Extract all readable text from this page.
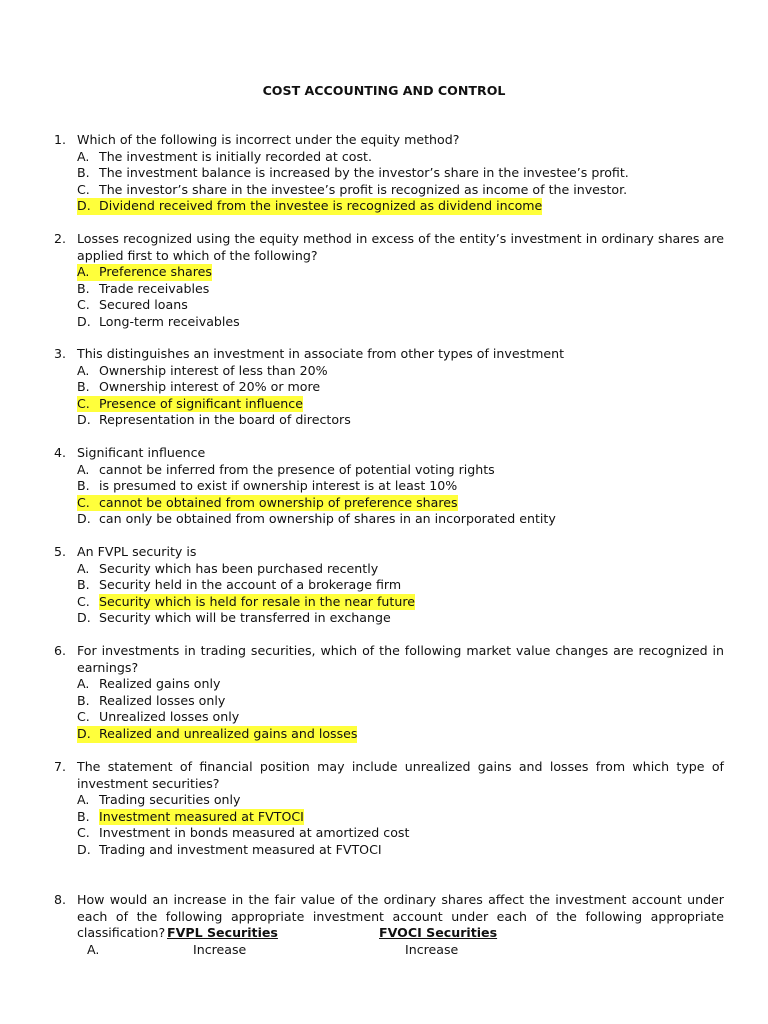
COST ACCOUNTING AND CONTROL
1. Which of the following is incorrect under the equity method?
A. The investment is initially recorded at cost.
B. The investment balance is increased by the investor’s share in the investee’s profit.
C. The investor’s share in the investee’s profit is recognized as income of the investor.
D. Dividend received from the investee is recognized as dividend income
2. Losses recognized using the equity method in excess of the entity’s investment in ordinary shares are applied first to which of the following?
A. Preference shares
B. Trade receivables
C. Secured loans
D. Long-term receivables
3. This distinguishes an investment in associate from other types of investment
A. Ownership interest of less than 20%
B. Ownership interest of 20% or more
C. Presence of significant influence
D. Representation in the board of directors
4. Significant influence
A. cannot be inferred from the presence of potential voting rights
B. is presumed to exist if ownership interest is at least 10%
C. cannot be obtained from ownership of preference shares
D. can only be obtained from ownership of shares in an incorporated entity
5. An FVPL security is
A. Security which has been purchased recently
B. Security held in the account of a brokerage firm
C. Security which is held for resale in the near future
D. Security which will be transferred in exchange
6. For investments in trading securities, which of the following market value changes are recognized in earnings?
A. Realized gains only
B. Realized losses only
C. Unrealized losses only
D. Realized and unrealized gains and losses
7. The statement of financial position may include unrealized gains and losses from which type of investment securities?
A. Trading securities only
B. Investment measured at FVTOCI
C. Investment in bonds measured at amortized cost
D. Trading and investment measured at FVTOCI
8. How would an increase in the fair value of the ordinary shares affect the investment account under each of the following appropriate investment account under each of the following appropriate classification? FVPL Securities	FVOCI Securities
A.	Increase	Increase
